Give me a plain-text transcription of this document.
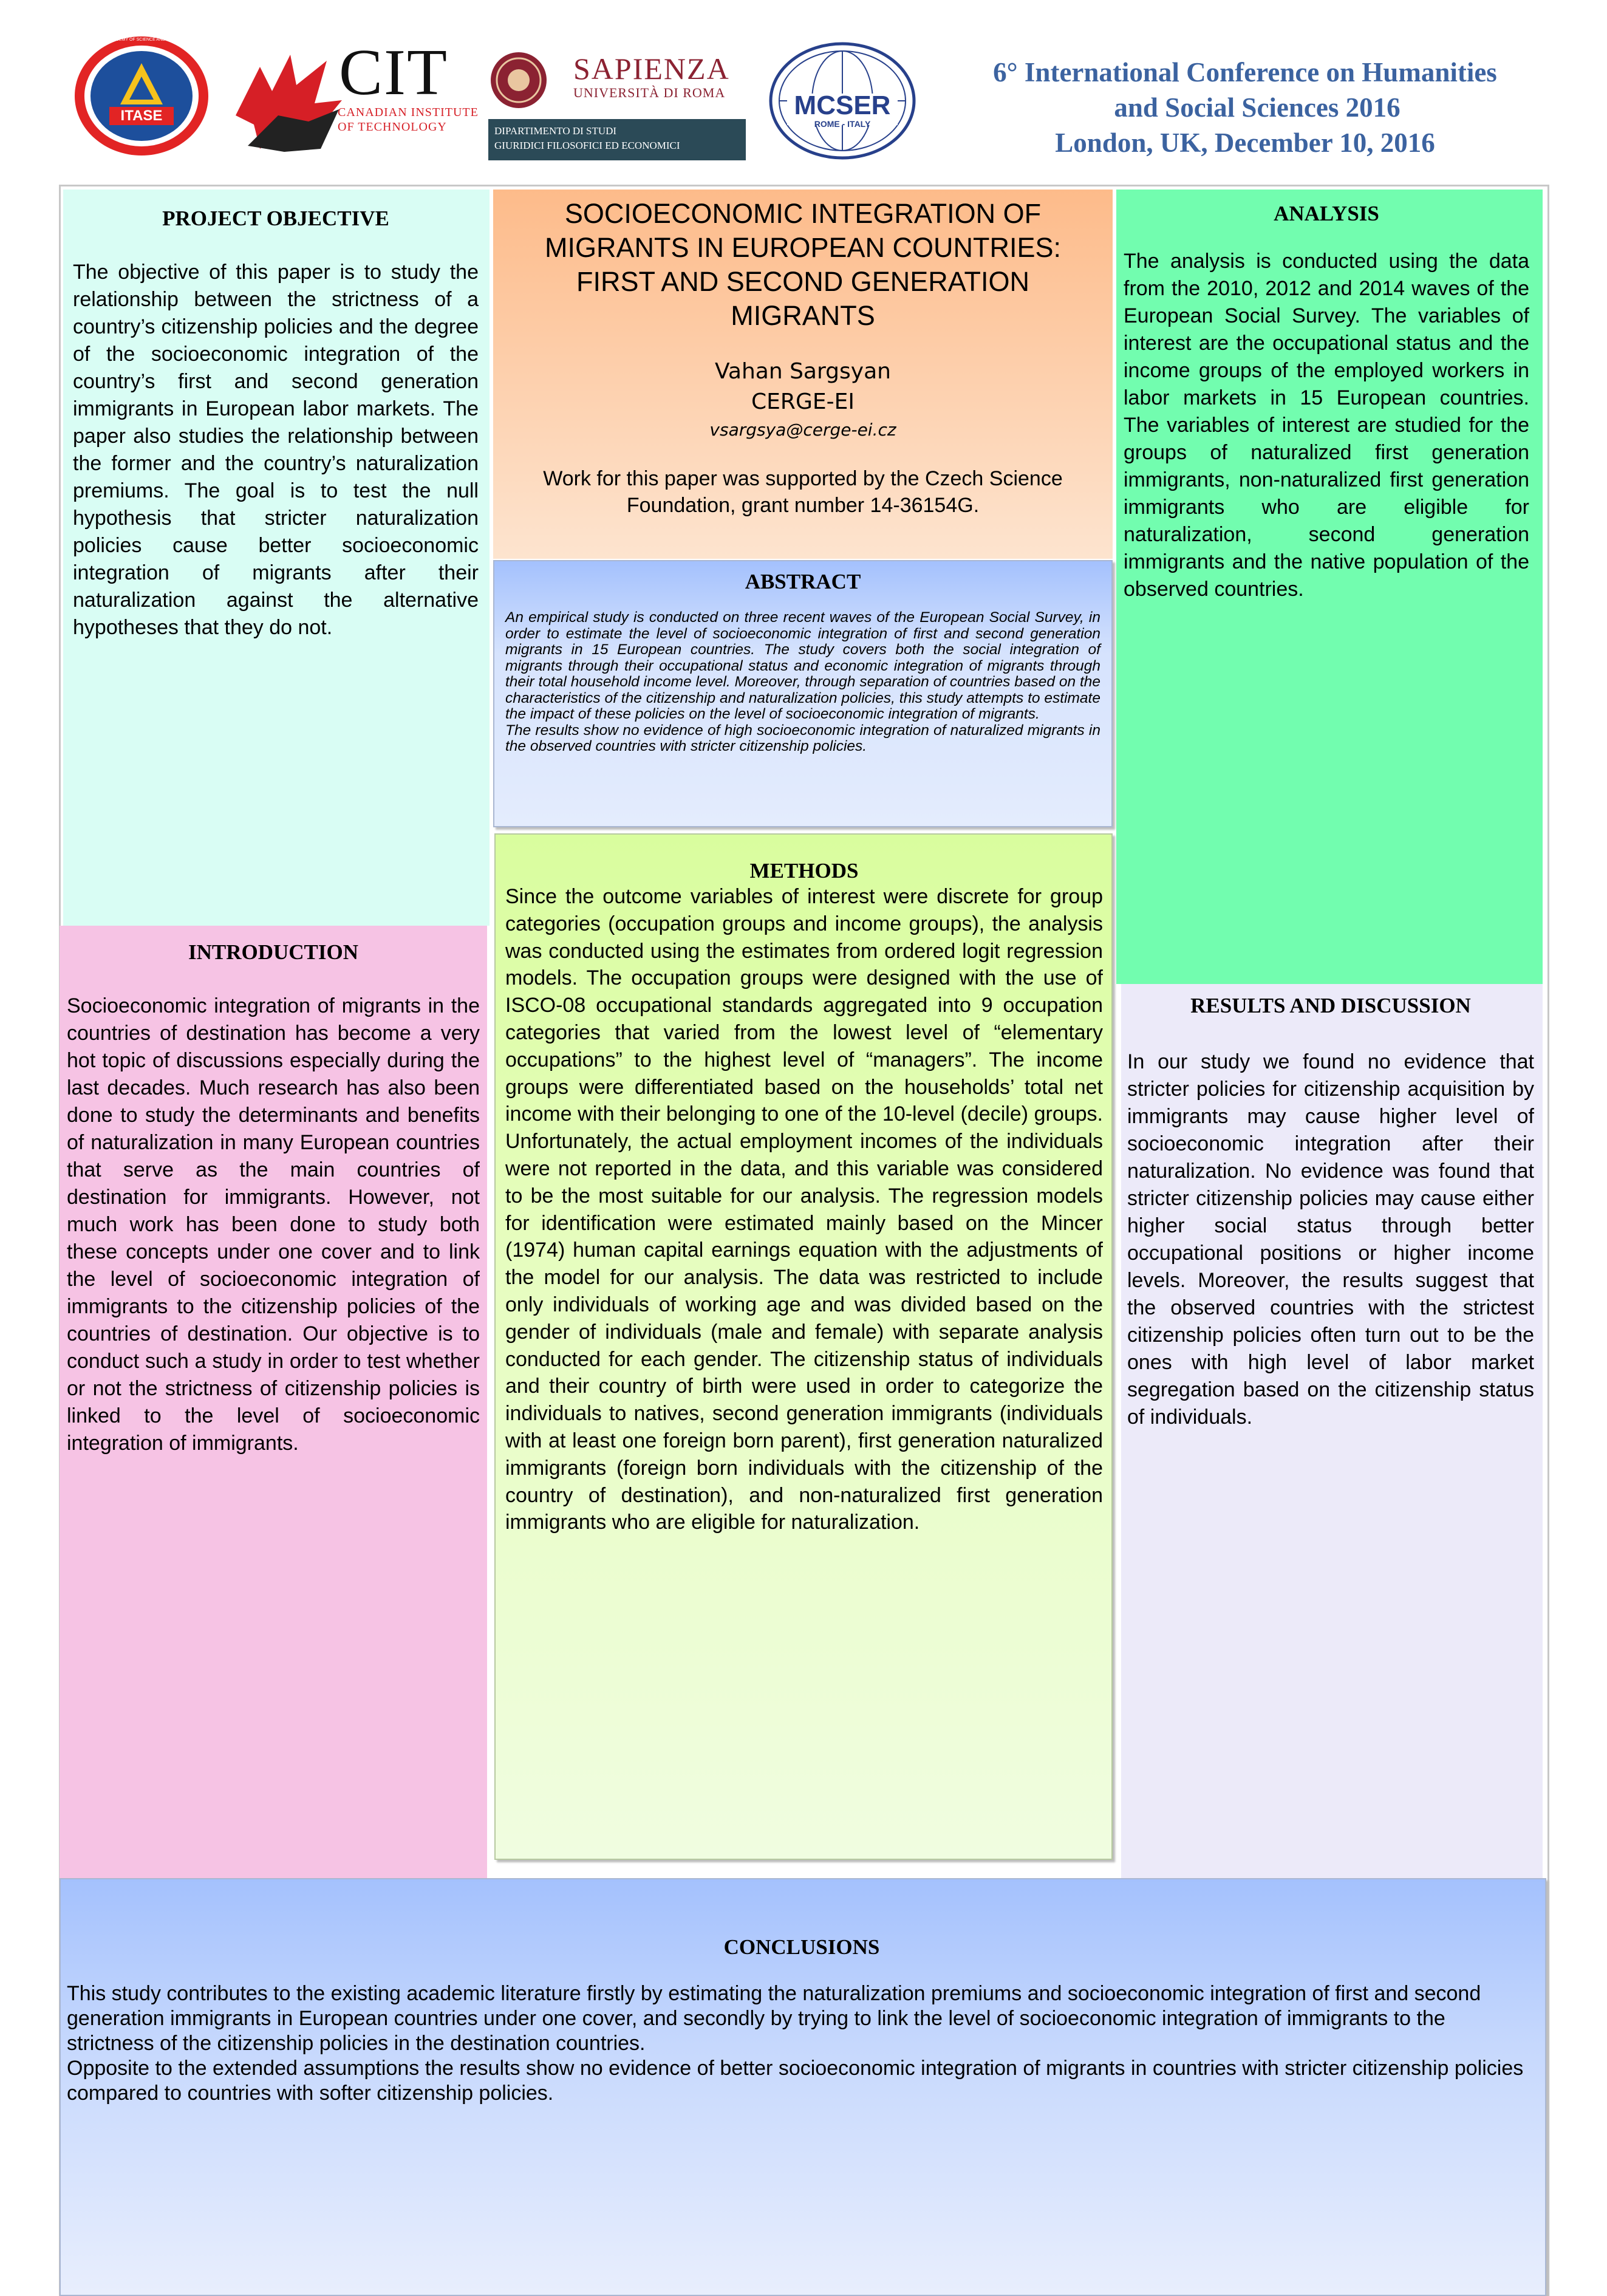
ITASE
INDIAN ACADEMY OF SCIENCE AND EDUCATION CIT
CANADIAN INSTITUTE
OF TECHNOLOGY
SAPIENZA
UNIVERSITÀ DI ROMA
DIPARTIMENTO DI STUDI
GIURIDICI FILOSOFICI ED ECONOMICI
MCSER
ROME - ITALY
6° International Conference on Humanities
and Social Sciences 2016
London, UK, December 10, 2016
PROJECT OBJECTIVE

The objective of this paper is to study the relationship between the strictness of a country’s citizenship policies and the degree of the socioeconomic integration of the country’s first and second generation immigrants in European labor markets. The paper also studies the relationship between the former and the country’s naturalization premiums. The goal is to test the null hypothesis that stricter naturalization policies cause better socioeconomic integration of migrants after their naturalization against the alternative hypotheses that they do not.

INTRODUCTION

Socioeconomic integration of migrants in the countries of destination has become a very hot topic of discussions especially during the last decades. Much research has also been done to study the determinants and benefits of naturalization in many European countries that serve as the main countries of destination for immigrants. However, not much work has been done to study both these concepts under one cover and to link the level of socioeconomic integration of immigrants to the citizenship policies of the countries of destination. Our objective is to conduct such a study in order to test whether or not the strictness of citizenship policies is linked to the level of socioeconomic integration of immigrants.

SOCIOECONOMIC INTEGRATION OF MIGRANTS IN EUROPEAN COUNTRIES: FIRST AND SECOND GENERATION MIGRANTS
Vahan Sargsyan
CERGE-EI
vsargsya@cerge-ei.cz
Work for this paper was supported by the Czech Science Foundation, grant number 14-36154G.
ABSTRACT

An empirical study is conducted on three recent waves of the European Social Survey, in order to estimate the level of socioeconomic integration of first and second generation migrants in 15 European countries. The study covers both the social integration of migrants through their occupational status and economic integration of migrants through their total household income level. Moreover, through separation of countries based on the characteristics of the citizenship and naturalization policies, this study attempts to estimate the impact of these policies on the level of socioeconomic integration of migrants.

The results show no evidence of high socioeconomic integration of naturalized migrants in the observed countries with stricter citizenship policies.

METHODS

Since the outcome variables of interest were discrete for group categories (occupation groups and income groups), the analysis was conducted using the estimates from ordered logit regression models. The occupation groups were designed with the use of ISCO-08 occupational standards aggregated into 9 occupation categories that varied from the lowest level of “elementary occupations” to the highest level of “managers”. The income groups were differentiated based on the households’ total net income with their belonging to one of the 10-level (decile) groups. Unfortunately, the actual employment incomes of the individuals were not reported in the data, and this variable was considered to be the most suitable for our analysis. The regression models for identification were estimated mainly based on the Mincer (1974) human capital earnings equation with the adjustments of the model for our analysis. The data was restricted to include only individuals of working age and was divided based on the gender of individuals (male and female) with separate analysis conducted for each gender. The citizenship status of individuals and their country of birth were used in order to categorize the individuals to natives, second generation immigrants (individuals with at least one foreign born parent), first generation naturalized immigrants (foreign born individuals with the citizenship of the country of destination), and non-naturalized first generation immigrants who are eligible for naturalization.

ANALYSIS

The analysis is conducted using the data from the 2010, 2012 and 2014 waves of the European Social Survey. The variables of interest are the occupational status and the income groups of the employed workers in labor markets in 15 European countries. The variables of interest are studied for the groups of naturalized first generation immigrants, non-naturalized first generation immigrants who are eligible for naturalization, second generation immigrants and the native population of the observed countries.

RESULTS AND DISCUSSION

In our study we found no evidence that stricter policies for citizenship acquisition by immigrants may cause higher level of socioeconomic integration after their naturalization. No evidence was found that stricter citizenship policies may cause either higher social status through better occupational positions or higher income levels. Moreover, the results suggest that the observed countries with the strictest citizenship policies often turn out to be the ones with high level of labor market segregation based on the citizenship status of individuals.

CONCLUSIONS

This study contributes to the existing academic literature firstly by estimating the naturalization premiums and socioeconomic integration of first and second generation immigrants in European countries under one cover, and secondly by trying to link the level of socioeconomic integration of immigrants to the strictness of the citizenship policies in the destination countries.

Opposite to the extended assumptions the results show no evidence of better socioeconomic integration of migrants in countries with stricter citizenship policies compared to countries with softer citizenship policies.
